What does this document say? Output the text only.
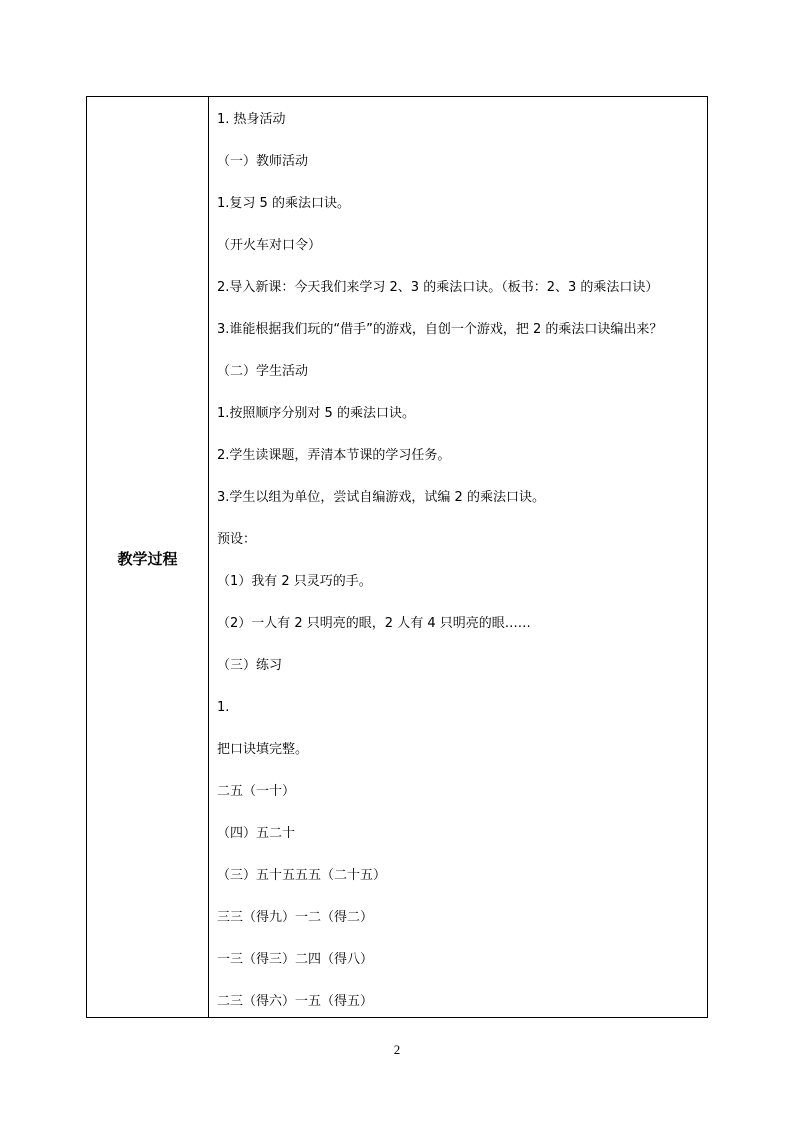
教学过程
1. 热身活动
（一）教师活动
1.复习 5 的乘法口诀。
（开火车对口令）
2.导入新课：今天我们来学习 2、3 的乘法口诀。（板书：2、3 的乘法口诀）
3.谁能根据我们玩的“借手”的游戏，自创一个游戏，把 2 的乘法口诀编出来？
（二）学生活动
1.按照顺序分别对 5 的乘法口诀。
2.学生读课题，弄清本节课的学习任务。
3.学生以组为单位，尝试自编游戏，试编 2 的乘法口诀。
预设：
（1）我有 2 只灵巧的手。
（2）一人有 2 只明亮的眼，2 人有 4 只明亮的眼……
（三）练习
1.
把口诀填完整。
二五（一十）
（四）五二十
（三）五十五五五（二十五）
三三（得九）一二（得二）
一三（得三）二四（得八）
二三（得六）一五（得五）
2
